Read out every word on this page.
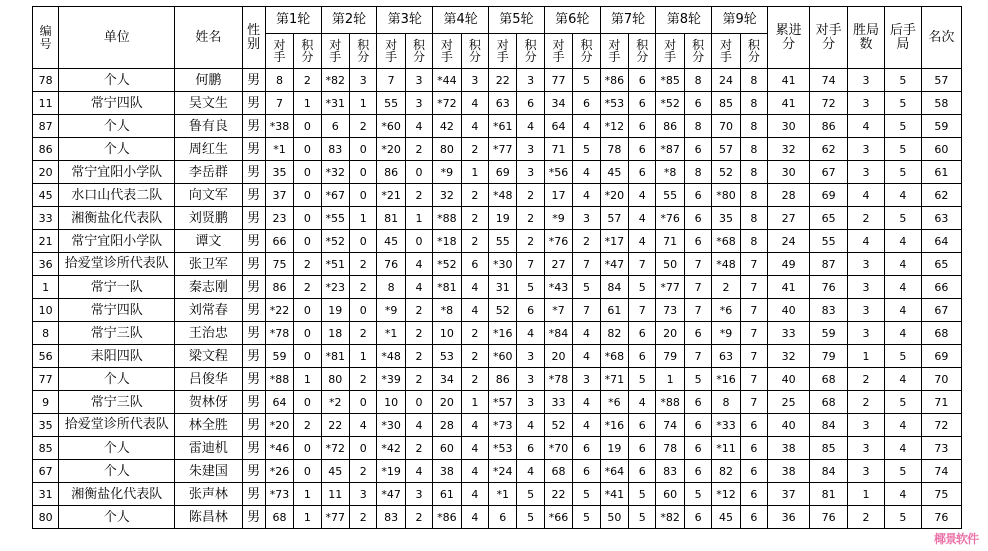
编号	单位	姓名	性别	第1轮		第2轮		第3轮		第4轮		第5轮		第6轮		第7轮		第8轮		第9轮		累进分	对手分	胜局数	后手局	名次
				对手	积分	对手	积分	对手	积分	对手	积分	对手	积分	对手	积分	对手	积分	对手	积分	对手	积分					
78	个人	何鹏	男	8	2	*82	3	7	3	*44	3	22	3	77	5	*86	6	*85	8	24	8	41	74	3	5	57
11	常宁四队	吴文生	男	7	1	*31	1	55	3	*72	4	63	6	34	6	*53	6	*52	6	85	8	41	72	3	5	58
87	个人	鲁有良	男	*38	0	6	2	*60	4	42	4	*61	4	64	4	*12	6	86	8	70	8	30	86	4	5	59
86	个人	周红生	男	*1	0	83	0	*20	2	80	2	*77	3	71	5	78	6	*87	6	57	8	32	62	3	5	60
20	常宁宜阳小学队	李岳群	男	35	0	*32	0	86	0	*9	1	69	3	*56	4	45	6	*8	8	52	8	30	67	3	5	61
45	水口山代表二队	向文军	男	37	0	*67	0	*21	2	32	2	*48	2	17	4	*20	4	55	6	*80	8	28	69	4	4	62
33	湘衡盐化代表队	刘贤鹏	男	23	0	*55	1	81	1	*88	2	19	2	*9	3	57	4	*76	6	35	8	27	65	2	5	63
21	常宁宜阳小学队	谭文	男	66	0	*52	0	45	0	*18	2	55	2	*76	2	*17	4	71	6	*68	8	24	55	4	4	64
36	拾爱堂诊所代表队	张卫军	男	75	2	*51	2	76	4	*52	6	*30	7	27	7	*47	7	50	7	*48	7	49	87	3	4	65
1	常宁一队	秦志刚	男	86	2	*23	2	8	4	*81	4	31	5	*43	5	84	5	*77	7	2	7	41	76	3	4	66
10	常宁四队	刘常春	男	*22	0	19	0	*9	2	*8	4	52	6	*7	7	61	7	73	7	*6	7	40	83	3	4	67
8	常宁三队	王治忠	男	*78	0	18	2	*1	2	10	2	*16	4	*84	4	82	6	20	6	*9	7	33	59	3	4	68
56	耒阳四队	梁文程	男	59	0	*81	1	*48	2	53	2	*60	3	20	4	*68	6	79	7	63	7	32	79	1	5	69
77	个人	吕俊华	男	*88	1	80	2	*39	2	34	2	86	3	*78	3	*71	5	1	5	*16	7	40	68	2	4	70
9	常宁三队	贺林伢	男	64	0	*2	0	10	0	20	1	*57	3	33	4	*6	4	*88	6	8	7	25	68	2	5	71
35	拾爱堂诊所代表队	林全胜	男	*20	2	22	4	*30	4	28	4	*73	4	52	4	*16	6	74	6	*33	6	40	84	3	4	72
85	个人	雷迪机	男	*46	0	*72	0	*42	2	60	4	*53	6	*70	6	19	6	78	6	*11	6	38	85	3	4	73
67	个人	朱建国	男	*26	0	45	2	*19	4	38	4	*24	4	68	6	*64	6	83	6	82	6	38	84	3	5	74
31	湘衡盐化代表队	张声林	男	*73	1	11	3	*47	3	61	4	*1	5	22	5	*41	5	60	5	*12	6	37	81	1	4	75
80	个人	陈昌林	男	68	1	*77	2	83	2	*86	4	6	5	*66	5	50	5	*82	6	45	6	36	76	2	5	76
椰景软件
